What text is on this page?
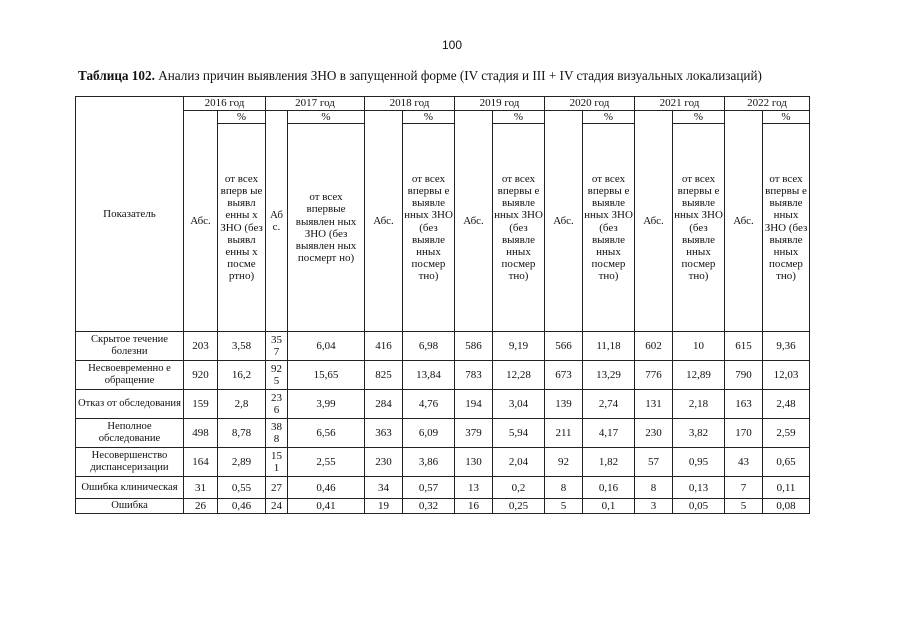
100
Таблица 102. Анализ причин выявления ЗНО в запущенной форме (IV стадия и III + IV стадия визуальных локализаций)
Показатель	2016 год		2017 год		2018 год		2019 год		2020 год		2021 год		2022 год	
	Абс.	%	Аб с.	%	Абс.	%	Абс.	%	Абс.	%	Абс.	%	Абс.	%
		от всех вперв ые выявл енны х ЗНО (без выявл енны х посме ртно)		от всех впервые выявлен ных ЗНО (без выявлен ных посмерт но)		от всех впервы е выявле нных ЗНО (без выявле нных посмер тно)		от всех впервы е выявле нных ЗНО (без выявле нных посмер тно)		от всех впервы е выявле нных ЗНО (без выявле нных посмер тно)		от всех впервы е выявле нных ЗНО (без выявле нных посмер тно)		от всех впервы е выявле нных ЗНО (без выявле нных посмер тно)
Скрытое течение болезни	203	3,58	35 7	6,04	416	6,98	586	9,19	566	11,18	602	10	615	9,36
Несвоевременно е обращение	920	16,2	92 5	15,65	825	13,84	783	12,28	673	13,29	776	12,89	790	12,03
Отказ от обследования	159	2,8	23 6	3,99	284	4,76	194	3,04	139	2,74	131	2,18	163	2,48
Неполное обследование	498	8,78	38 8	6,56	363	6,09	379	5,94	211	4,17	230	3,82	170	2,59
Несовершенство диспансеризации	164	2,89	15 1	2,55	230	3,86	130	2,04	92	1,82	57	0,95	43	0,65
Ошибка клиническая	31	0,55	27	0,46	34	0,57	13	0,2	8	0,16	8	0,13	7	0,11
Ошибка	26	0,46	24	0,41	19	0,32	16	0,25	5	0,1	3	0,05	5	0,08
